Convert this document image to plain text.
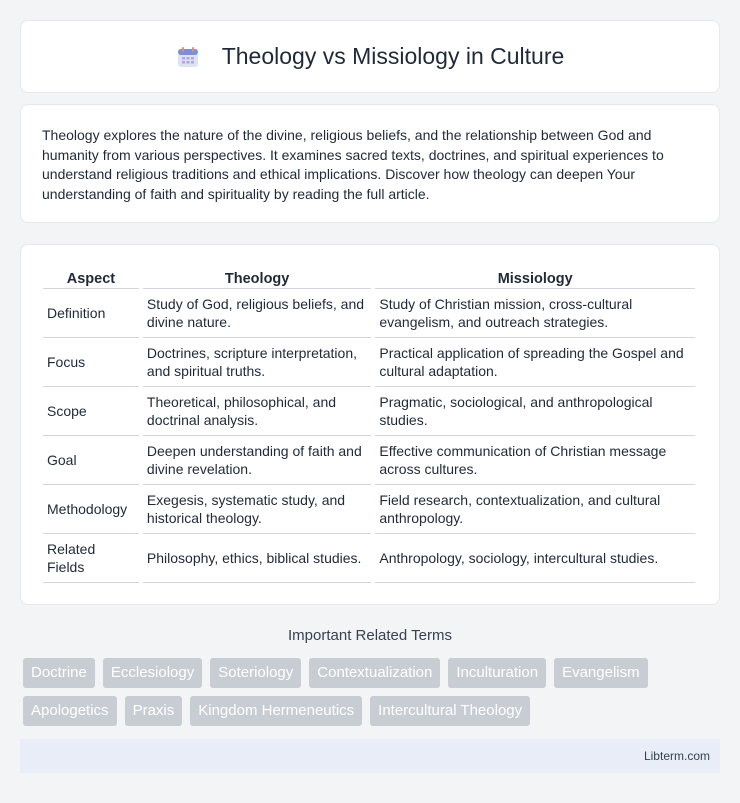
Theology vs Missiology in Culture

Theology explores the nature of the divine, religious beliefs, and the relationship between God and humanity from various perspectives. It examines sacred texts, doctrines, and spiritual experiences to understand religious traditions and ethical implications. Discover how theology can deepen Your understanding of faith and spirituality by reading the full article.

Aspect	Theology	Missiology
Definition	Study of God, religious beliefs, and divine nature.	Study of Christian mission, cross-cultural evangelism, and outreach strategies.
Focus	Doctrines, scripture interpretation, and spiritual truths.	Practical application of spreading the Gospel and cultural adaptation.
Scope	Theoretical, philosophical, and doctrinal analysis.	Pragmatic, sociological, and anthropological studies.
Goal	Deepen understanding of faith and divine revelation.	Effective communication of Christian message across cultures.
Methodology	Exegesis, systematic study, and historical theology.	Field research, contextualization, and cultural anthropology.
Related Fields	Philosophy, ethics, biblical studies.	Anthropology, sociology, intercultural studies.
Important Related Terms
Doctrine	Ecclesiology	Soteriology	Contextualization	Inculturation	Evangelism
Apologetics	Praxis	Kingdom Hermeneutics	Intercultural Theology
Libterm.com
